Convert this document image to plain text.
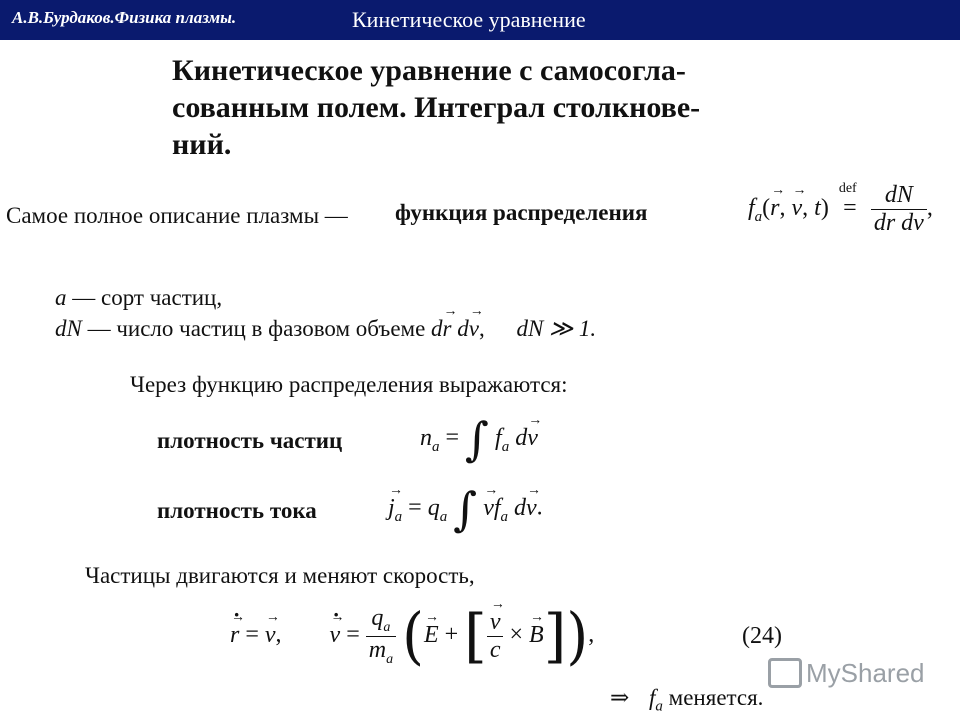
А.В.Бурдаков.Физика плазмы.	Кинетическое уравнение
Кинетическое уравнение с самосогла-
сованным полем. Интеграл столкнове-
ний.
Самое полное описание плазмы — функция распределения	$f_a(\to r$, → v, t)
def
= $\frac{dN}{\text{dr dv}}$ ,
a — сорт частиц,
dN — число частиц в фазовом объеме d→ r d→ v, dN ≫ 1.
Через функцию распределения выражаются:
плотность частиц	$n_a$ = ∫ $f_a$ d→ v
плотность тока	→ $j_a = q_a$ ∫ → $vf_a$ d→ v.
Частицы двигаются и меняют скорость,
· → r = → v,  · → $v = \frac{q_a}{m_a}$ (→ E + [ → $\frac{v}{c}$ × → B]),	(24)
⇒ $f_a$ меняется.
MyShared
